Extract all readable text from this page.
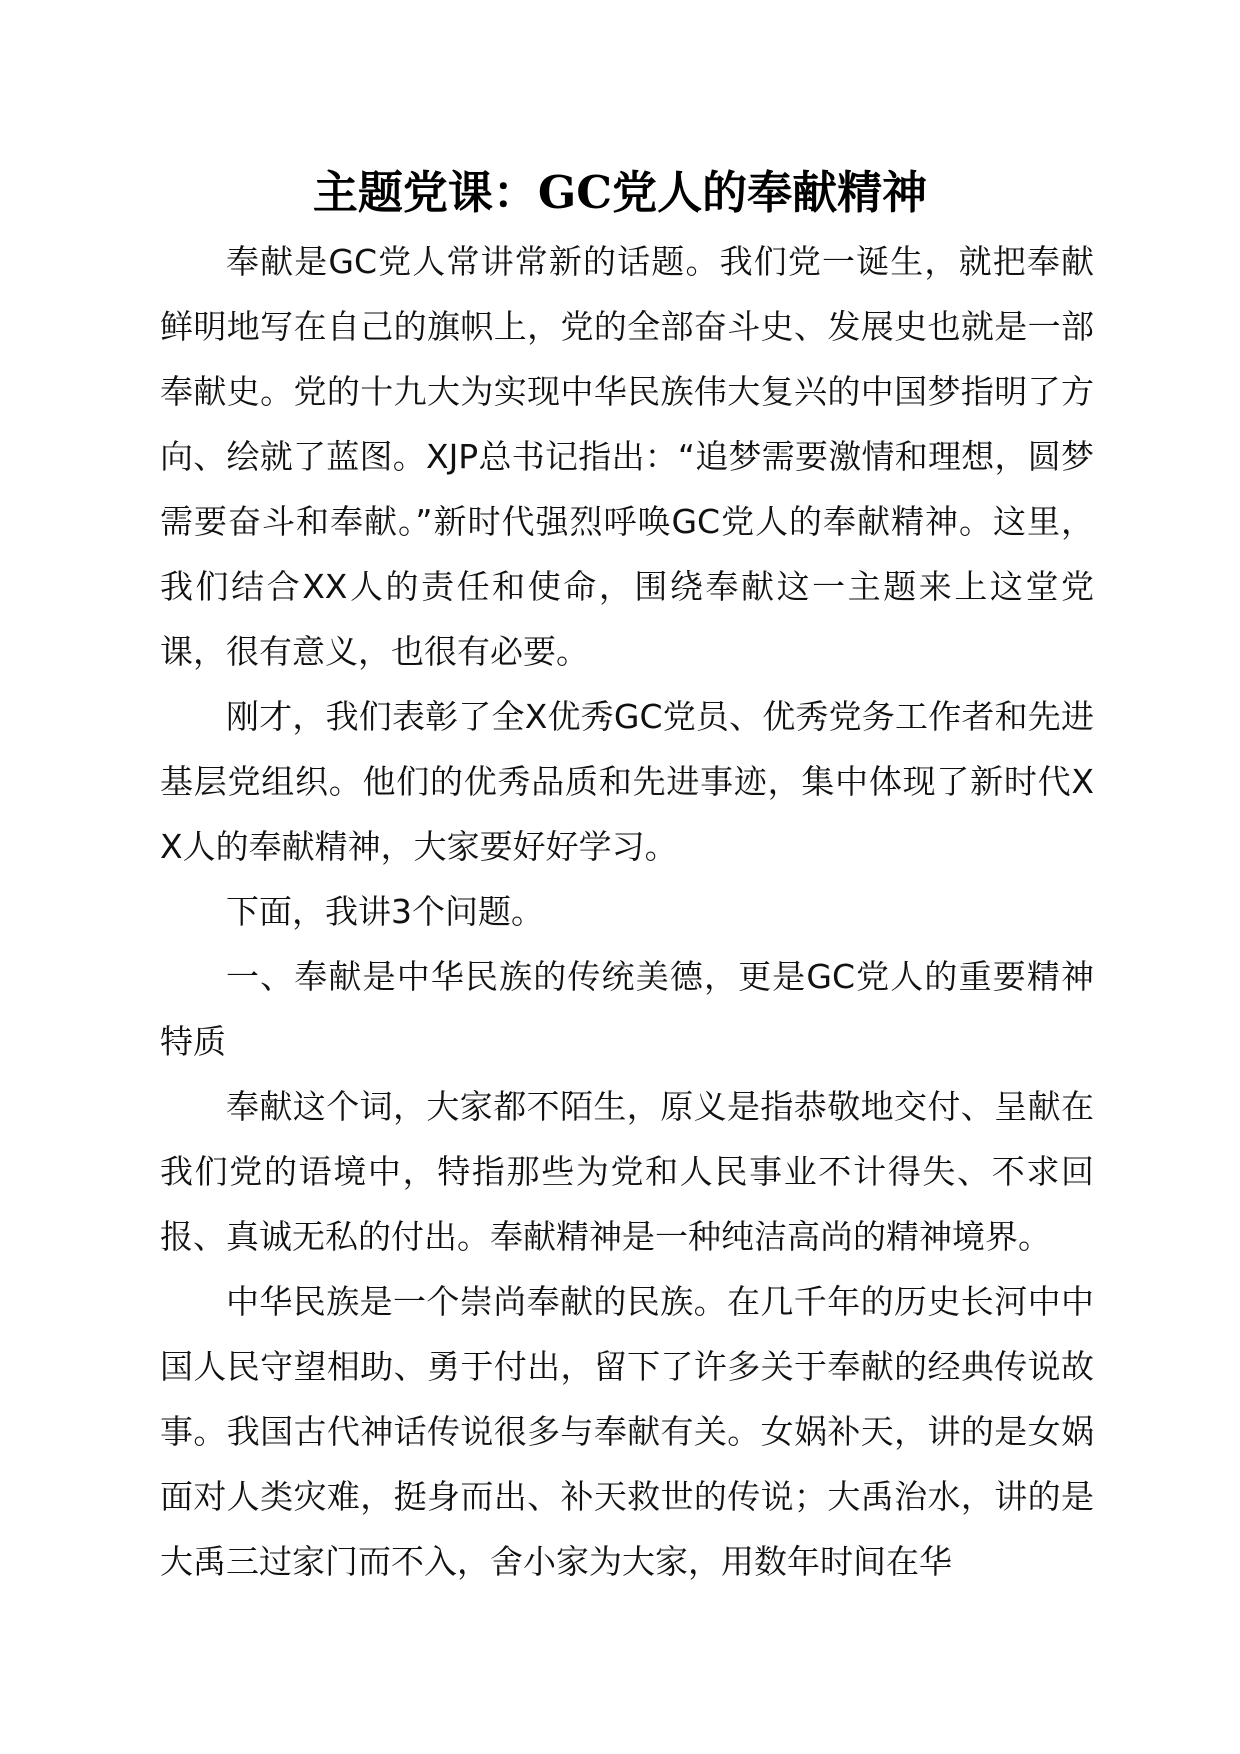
主题党课：GC党人的奉献精神

奉献是GC党人常讲常新的话题。我们党一诞生，就把奉献鲜明地写在自己的旗帜上，党的全部奋斗史、发展史也就是一部奉献史。党的十九大为实现中华民族伟大复兴的中国梦指明了方向、绘就了蓝图。XJP总书记指出：“追梦需要激情和理想，圆梦需要奋斗和奉献。”新时代强烈呼唤GC党人的奉献精神。这里，我们结合XX人的责任和使命，围绕奉献这一主题来上这堂党课，很有意义，也很有必要。

刚才，我们表彰了全X优秀GC党员、优秀党务工作者和先进基层党组织。他们的优秀品质和先进事迹，集中体现了新时代XX人的奉献精神，大家要好好学习。

下面，我讲3个问题。

一、奉献是中华民族的传统美德，更是GC党人的重要精神特质

奉献这个词，大家都不陌生，原义是指恭敬地交付、呈献在我们党的语境中，特指那些为党和人民事业不计得失、不求回报、真诚无私的付出。奉献精神是一种纯洁高尚的精神境界。

中华民族是一个崇尚奉献的民族。在几千年的历史长河中中国人民守望相助、勇于付出，留下了许多关于奉献的经典传说故事。我国古代神话传说很多与奉献有关。女娲补天，讲的是女娲面对人类灾难，挺身而出、补天救世的传说；大禹治水，讲的是大禹三过家门而不入，舍小家为大家，用数年时间在华
